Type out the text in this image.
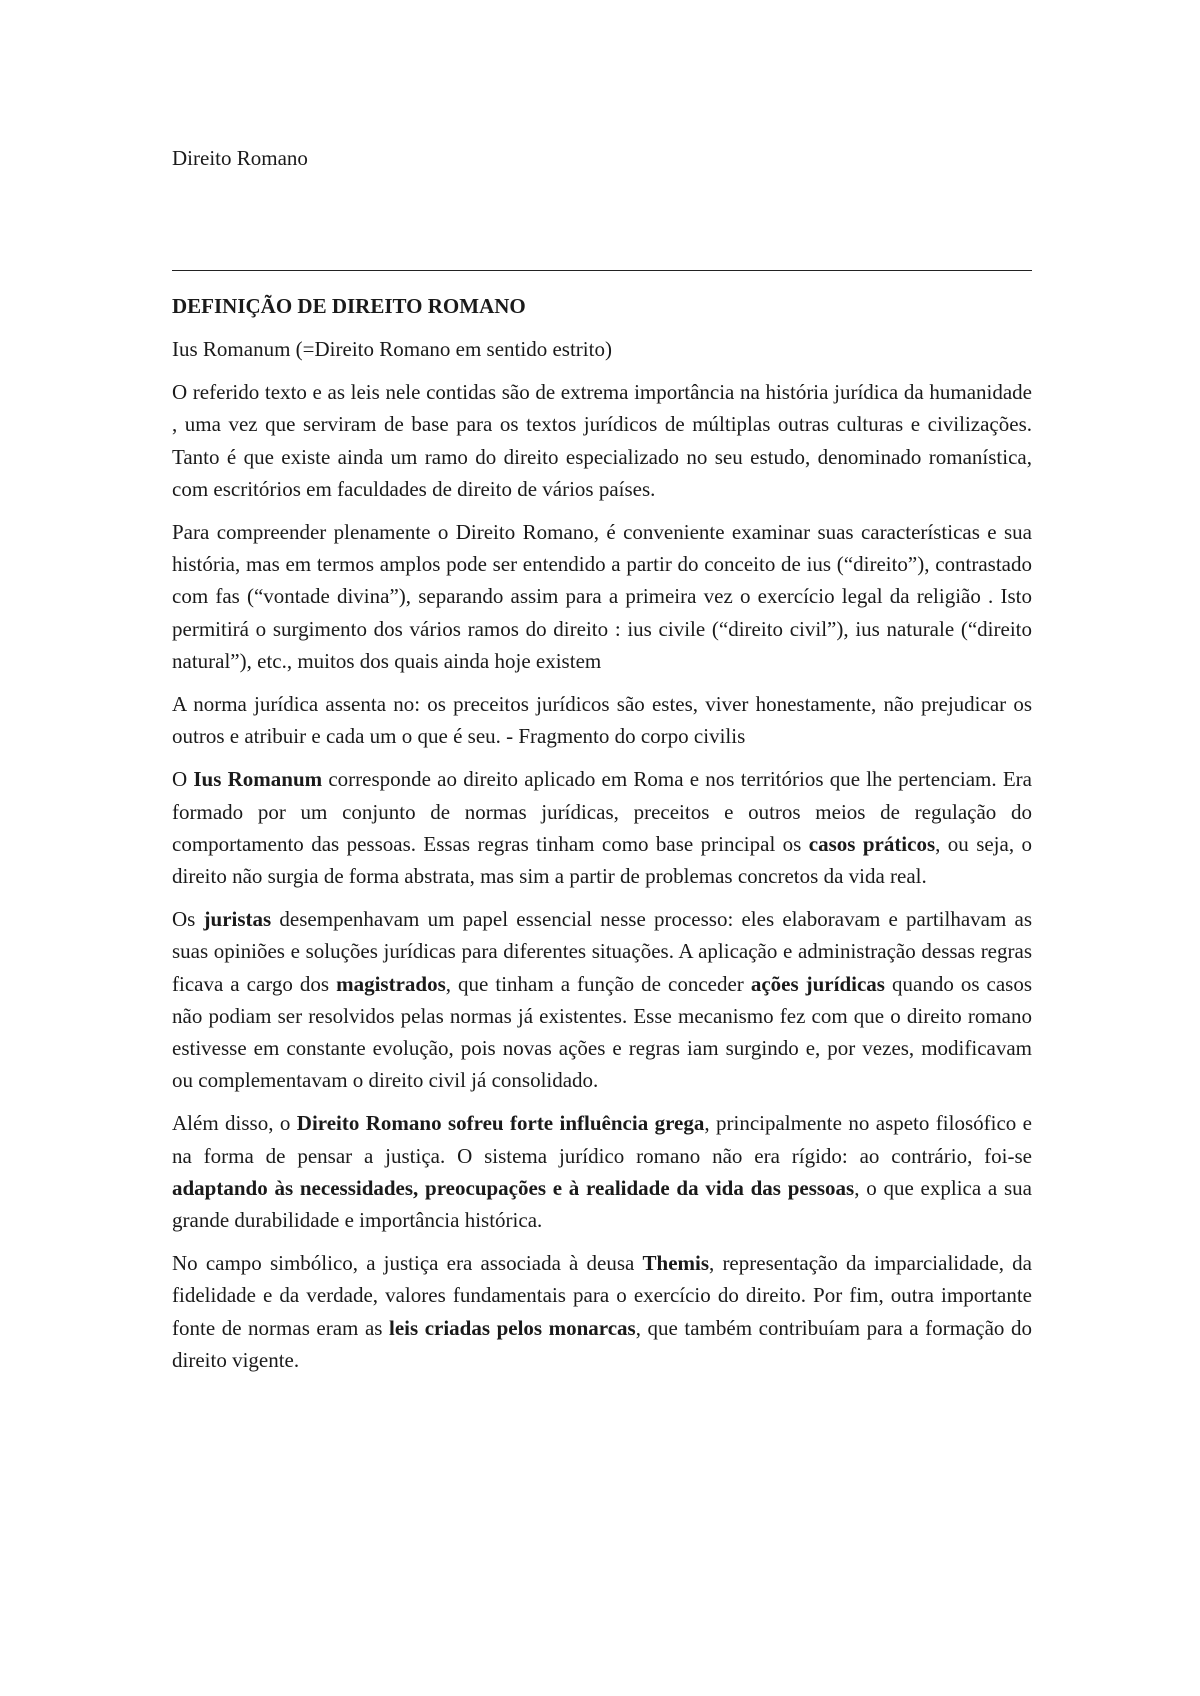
Direito Romano
DEFINIÇÃO DE DIREITO ROMANO
Ius Romanum (=Direito Romano em sentido estrito)

O referido texto e as leis nele contidas são de extrema importância na história jurídica da humanidade , uma vez que serviram de base para os textos jurídicos de múltiplas outras culturas e civilizações. Tanto é que existe ainda um ramo do direito especializado no seu estudo, denominado romanística, com escritórios em faculdades de direito de vários países.

Para compreender plenamente o Direito Romano, é conveniente examinar suas características e sua história, mas em termos amplos pode ser entendido a partir do conceito de ius (“direito”), contrastado com fas (“vontade divina”), separando assim para a primeira vez o exercício legal da religião . Isto permitirá o surgimento dos vários ramos do direito : ius civile (“direito civil”), ius naturale (“direito natural”), etc., muitos dos quais ainda hoje existem

A norma jurídica assenta no: os preceitos jurídicos são estes, viver honestamente, não prejudicar os outros e atribuir e cada um o que é seu. - Fragmento do corpo civilis

O Ius Romanum corresponde ao direito aplicado em Roma e nos territórios que lhe pertenciam. Era formado por um conjunto de normas jurídicas, preceitos e outros meios de regulação do comportamento das pessoas. Essas regras tinham como base principal os casos práticos, ou seja, o direito não surgia de forma abstrata, mas sim a partir de problemas concretos da vida real.

Os juristas desempenhavam um papel essencial nesse processo: eles elaboravam e partilhavam as suas opiniões e soluções jurídicas para diferentes situações. A aplicação e administração dessas regras ficava a cargo dos magistrados, que tinham a função de conceder ações jurídicas quando os casos não podiam ser resolvidos pelas normas já existentes. Esse mecanismo fez com que o direito romano estivesse em constante evolução, pois novas ações e regras iam surgindo e, por vezes, modificavam ou complementavam o direito civil já consolidado.

Além disso, o Direito Romano sofreu forte influência grega, principalmente no aspeto filosófico e na forma de pensar a justiça. O sistema jurídico romano não era rígido: ao contrário, foi-se adaptando às necessidades, preocupações e à realidade da vida das pessoas, o que explica a sua grande durabilidade e importância histórica.

No campo simbólico, a justiça era associada à deusa Themis, representação da imparcialidade, da fidelidade e da verdade, valores fundamentais para o exercício do direito. Por fim, outra importante fonte de normas eram as leis criadas pelos monarcas, que também contribuíam para a formação do direito vigente.
